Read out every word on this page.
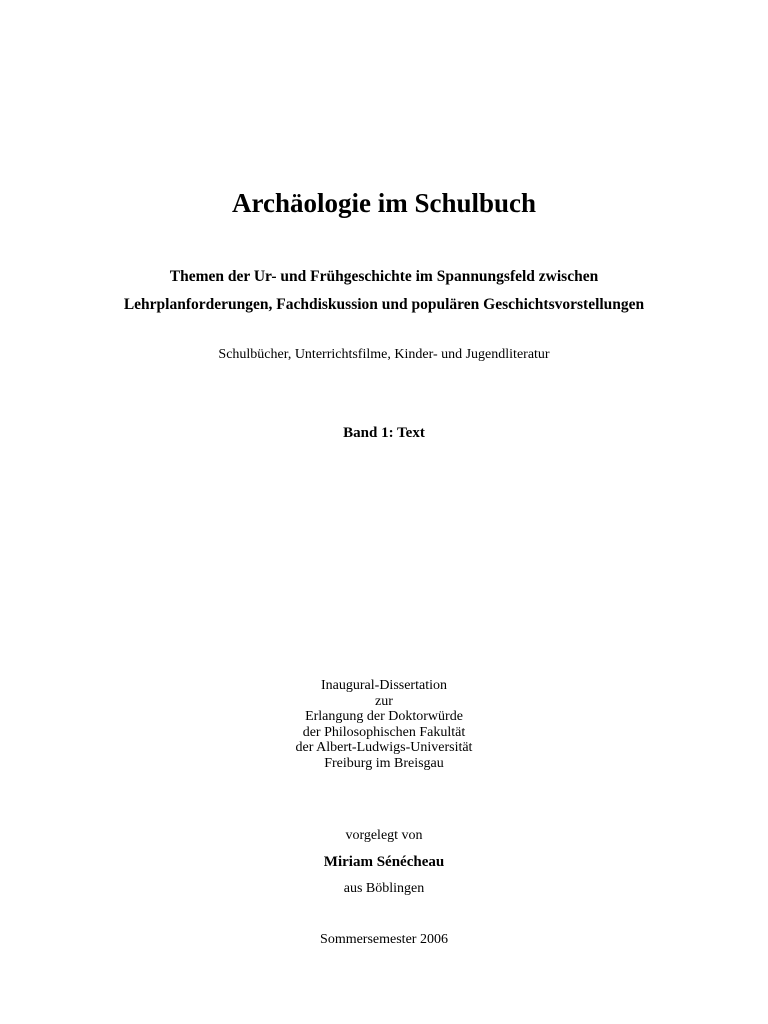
Archäologie im Schulbuch
Themen der Ur- und Frühgeschichte im Spannungsfeld zwischen
Lehrplanforderungen, Fachdiskussion und populären Geschichtsvorstellungen
Schulbücher, Unterrichtsfilme, Kinder- und Jugendliteratur
Band 1: Text
Inaugural-Dissertation
zur
Erlangung der Doktorwürde
der Philosophischen Fakultät
der Albert-Ludwigs-Universität
Freiburg im Breisgau
vorgelegt von
Miriam Sénécheau
aus Böblingen
Sommersemester 2006
